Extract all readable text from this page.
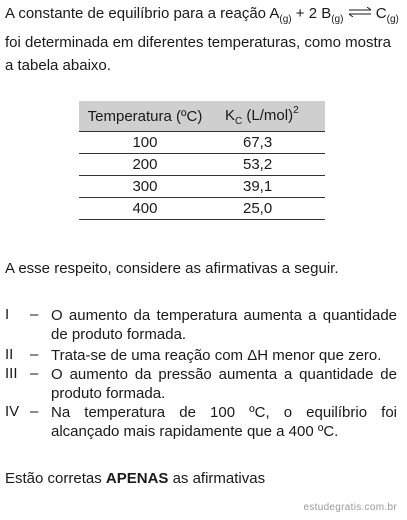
A constante de equilíbrio para a reação $A_{(g)} + 2$ $B_{(g)}$ ⇌ $C_{(g)}$
foi determinada em diferentes temperaturas, como mostra
a tabela abaixo.
Temperatura (ºC)	$K_C$ $(L/mol)^2$
100	67,3
200	53,2
300	39,1
400	25,0
A esse respeito, considere as afirmativas a seguir.
I – O aumento da temperatura aumenta a quantidade de produto formada.
II – Trata-se de uma reação com ΔH menor que zero.
III – O aumento da pressão aumenta a quantidade de produto formada.
IV – Na temperatura de 100 ºC, o equilíbrio foi alcançado mais rapidamente que a 400 ºC.
Estão corretas APENAS as afirmativas
estudegratis.com.br
